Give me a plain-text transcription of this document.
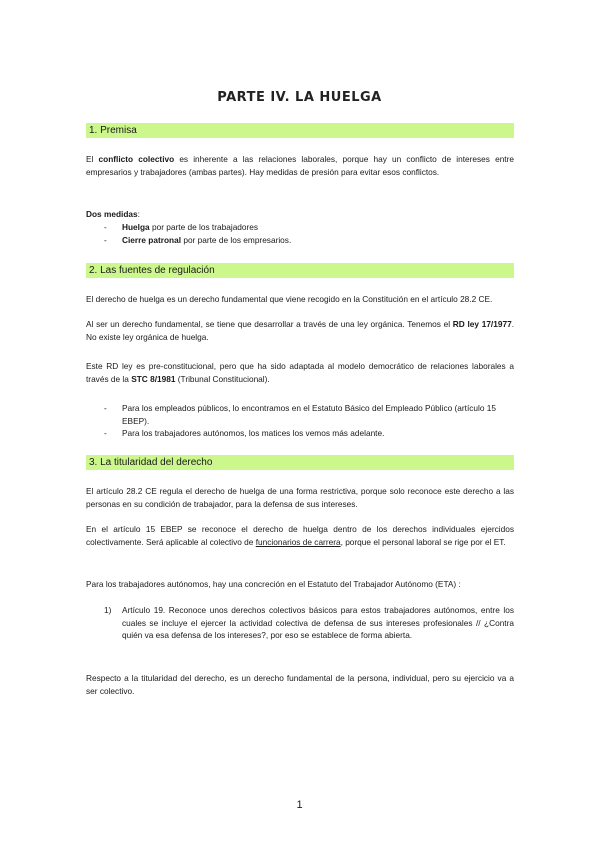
PARTE IV. LA HUELGA
1. Premisa

El conflicto colectivo es inherente a las relaciones laborales, porque hay un conflicto de intereses entre empresarios y trabajadores (ambas partes). Hay medidas de presión para evitar esos conflictos.

Dos medidas:

- Huelga por parte de los trabajadores
- Cierre patronal por parte de los empresarios.
2. Las fuentes de regulación

El derecho de huelga es un derecho fundamental que viene recogido en la Constitución en el artículo 28.2 CE.

Al ser un derecho fundamental, se tiene que desarrollar a través de una ley orgánica. Tenemos el RD ley 17/1977. No existe ley orgánica de huelga.

Este RD ley es pre-constitucional, pero que ha sido adaptada al modelo democrático de relaciones laborales a través de la STC 8/1981 (Tribunal Constitucional).

- Para los empleados públicos, lo encontramos en el Estatuto Básico del Empleado Público (artículo 15 EBEP).
- Para los trabajadores autónomos, los matices los vemos más adelante.
3. La titularidad del derecho

El artículo 28.2 CE regula el derecho de huelga de una forma restrictiva, porque solo reconoce este derecho a las personas en su condición de trabajador, para la defensa de sus intereses.

En el artículo 15 EBEP se reconoce el derecho de huelga dentro de los derechos individuales ejercidos colectivamente. Será aplicable al colectivo de funcionarios de carrera, porque el personal laboral se rige por el ET.

Para los trabajadores autónomos, hay una concreción en el Estatuto del Trabajador Autónomo (ETA) :

1) Artículo 19. Reconoce unos derechos colectivos básicos para estos trabajadores autónomos, entre los cuales se incluye el ejercer la actividad colectiva de defensa de sus intereses profesionales // ¿Contra quién va esa defensa de los intereses?, por eso se establece de forma abierta.

Respecto a la titularidad del derecho, es un derecho fundamental de la persona, individual, pero su ejercicio va a ser colectivo.

1
